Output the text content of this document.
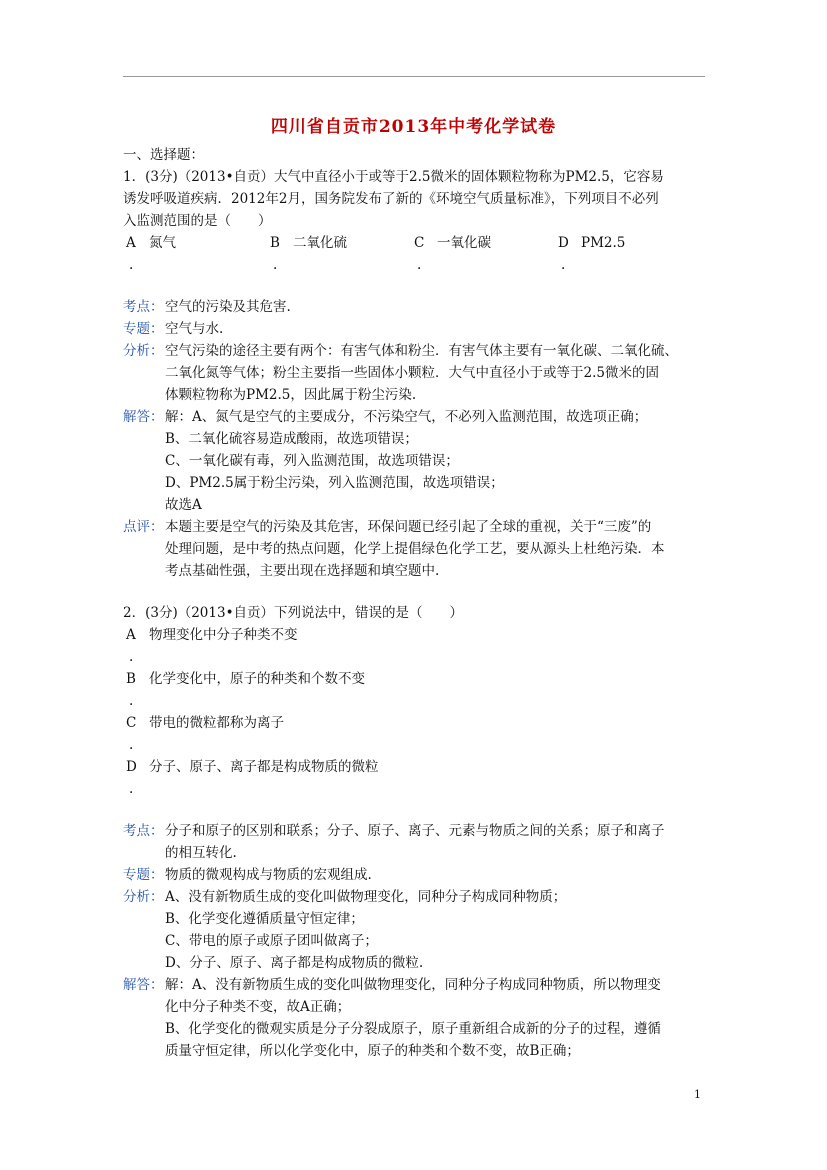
四川省自贡市2013年中考化学试卷
一、选择题：
1．(3分)（2013•自贡）大气中直径小于或等于2.5微米的固体颗粒物称为PM2.5，它容易
诱发呼吸道疾病．2012年2月，国务院发布了新的《环境空气质量标准》，下列项目不必列
入监测范围的是（　　）
A 氮气
.
B 二氧化硫
.
C 一氧化碳
.
D PM2.5
.
考点： 空气的污染及其危害.
专题： 空气与水.
分析： 空气污染的途径主要有两个：有害气体和粉尘．有害气体主要有一氧化碳、二氧化硫、
二氧化氮等气体；粉尘主要指一些固体小颗粒．大气中直径小于或等于2.5微米的固
体颗粒物称为PM2.5，因此属于粉尘污染.
解答： 解：A、氮气是空气的主要成分，不污染空气，不必列入监测范围，故选项正确；
B、二氧化硫容易造成酸雨，故选项错误；
C、一氧化碳有毒，列入监测范围，故选项错误；
D、PM2.5属于粉尘污染，列入监测范围，故选项错误；
故选A
点评： 本题主要是空气的污染及其危害，环保问题已经引起了全球的重视，关于“三废”的
处理问题，是中考的热点问题，化学上提倡绿色化学工艺，要从源头上杜绝污染．本
考点基础性强，主要出现在选择题和填空题中.
2．(3分)（2013•自贡）下列说法中，错误的是（　　）
A 物理变化中分子种类不变
.
B 化学变化中，原子的种类和个数不变
.
C 带电的微粒都称为离子
.
D 分子、原子、离子都是构成物质的微粒
.
考点： 分子和原子的区别和联系；分子、原子、离子、元素与物质之间的关系；原子和离子
的相互转化.
专题： 物质的微观构成与物质的宏观组成.
分析： A、没有新物质生成的变化叫做物理变化，同种分子构成同种物质；
B、化学变化遵循质量守恒定律；
C、带电的原子或原子团叫做离子；
D、分子、原子、离子都是构成物质的微粒.
解答： 解：A、没有新物质生成的变化叫做物理变化，同种分子构成同种物质，所以物理变
化中分子种类不变，故A正确；
B、化学变化的微观实质是分子分裂成原子，原子重新组合成新的分子的过程，遵循
质量守恒定律，所以化学变化中，原子的种类和个数不变，故B正确；
1
